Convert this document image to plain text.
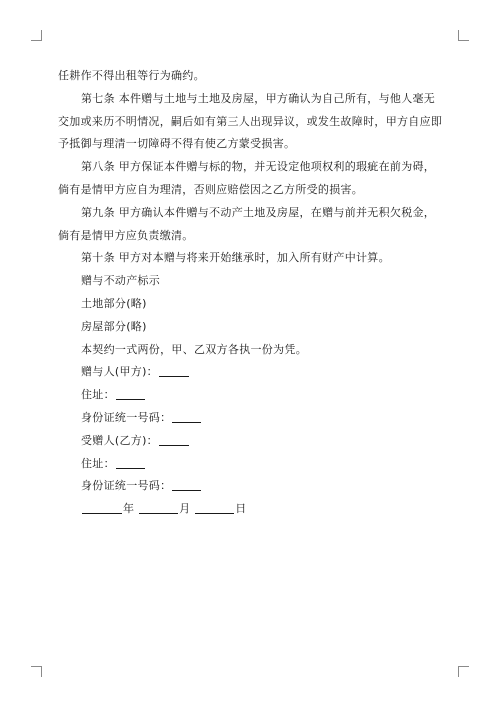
任耕作不得出租等行为确约。

第七条 本件赠与土地与土地及房屋，甲方确认为自己所有，与他人毫无交加或来历不明情况，嗣后如有第三人出现异议，或发生故障时，甲方自应即予抵御与理清一切障碍不得有使乙方蒙受损害。

第八条 甲方保证本件赠与标的物，并无设定他项权利的瑕疵在前为碍，倘有是情甲方应自为理清，否则应赔偿因之乙方所受的损害。

第九条 甲方确认本件赠与不动产土地及房屋，在赠与前并无积欠税金，倘有是情甲方应负责缴清。

第十条 甲方对本赠与将来开始继承时，加入所有财产中计算。

赠与不动产标示

土地部分(略)

房屋部分(略)

本契约一式两份，甲、乙双方各执一份为凭。

赠与人(甲方)：

住址：

身份证统一号码：

受赠人(乙方)：

住址：

身份证统一号码：

年	月	日
